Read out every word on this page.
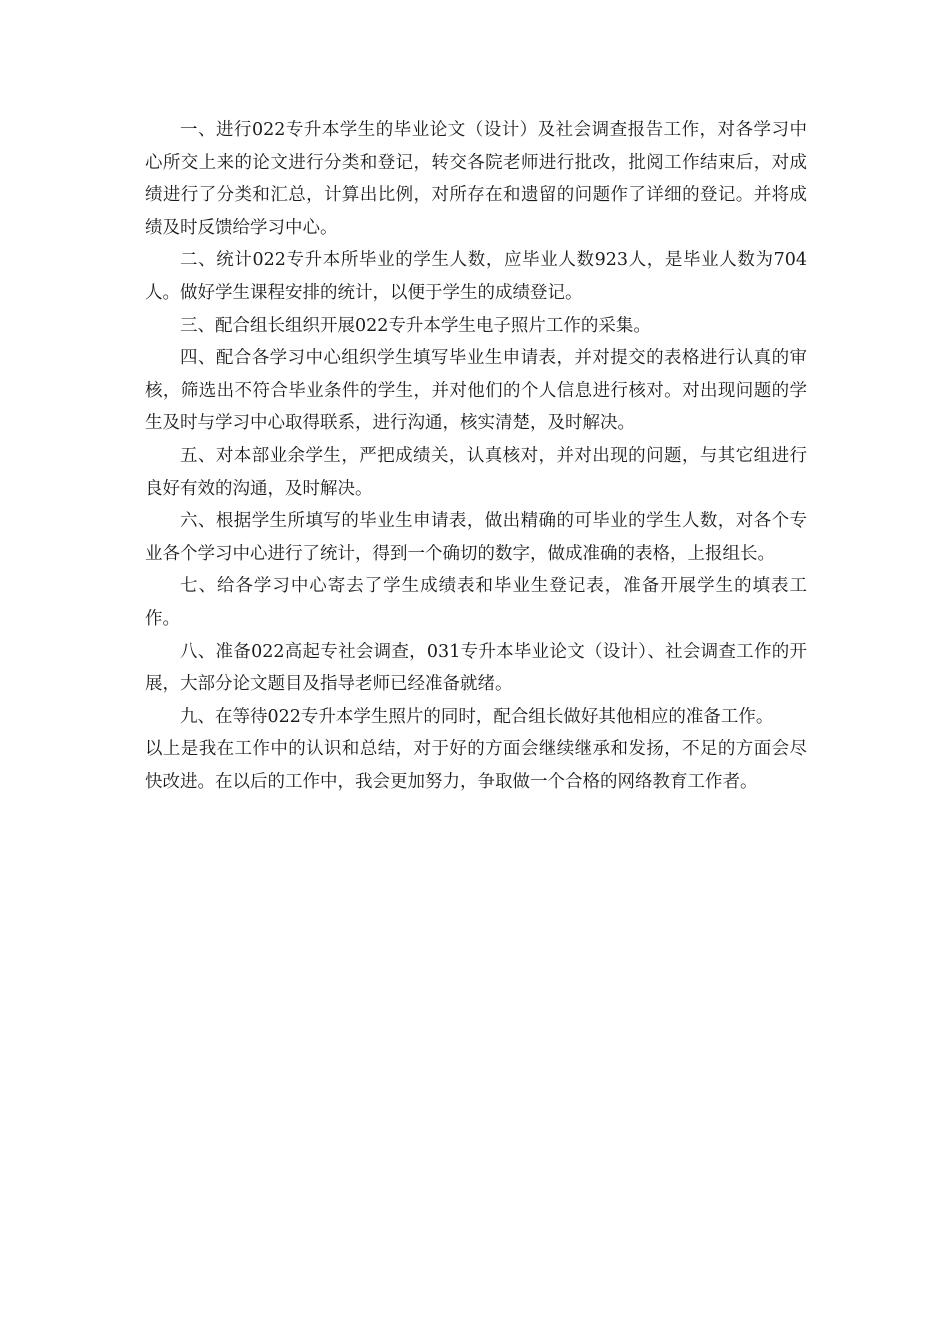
一、进行022专升本学生的毕业论文（设计）及社会调查报告工作，对各学习中心所交上来的论文进行分类和登记，转交各院老师进行批改，批阅工作结束后，对成绩进行了分类和汇总，计算出比例，对所存在和遗留的问题作了详细的登记。并将成绩及时反馈给学习中心。

二、统计022专升本所毕业的学生人数，应毕业人数923人，是毕业人数为704人。做好学生课程安排的统计，以便于学生的成绩登记。

三、配合组长组织开展022专升本学生电子照片工作的采集。

四、配合各学习中心组织学生填写毕业生申请表，并对提交的表格进行认真的审核，筛选出不符合毕业条件的学生，并对他们的个人信息进行核对。对出现问题的学生及时与学习中心取得联系，进行沟通，核实清楚，及时解决。

五、对本部业余学生，严把成绩关，认真核对，并对出现的问题，与其它组进行良好有效的沟通，及时解决。

六、根据学生所填写的毕业生申请表，做出精确的可毕业的学生人数，对各个专业各个学习中心进行了统计，得到一个确切的数字，做成准确的表格，上报组长。

七、给各学习中心寄去了学生成绩表和毕业生登记表，准备开展学生的填表工作。

八、准备022高起专社会调查，031专升本毕业论文（设计）、社会调查工作的开展，大部分论文题目及指导老师已经准备就绪。

九、在等待022专升本学生照片的同时，配合组长做好其他相应的准备工作。

以上是我在工作中的认识和总结，对于好的方面会继续继承和发扬，不足的方面会尽快改进。在以后的工作中，我会更加努力，争取做一个合格的网络教育工作者。
